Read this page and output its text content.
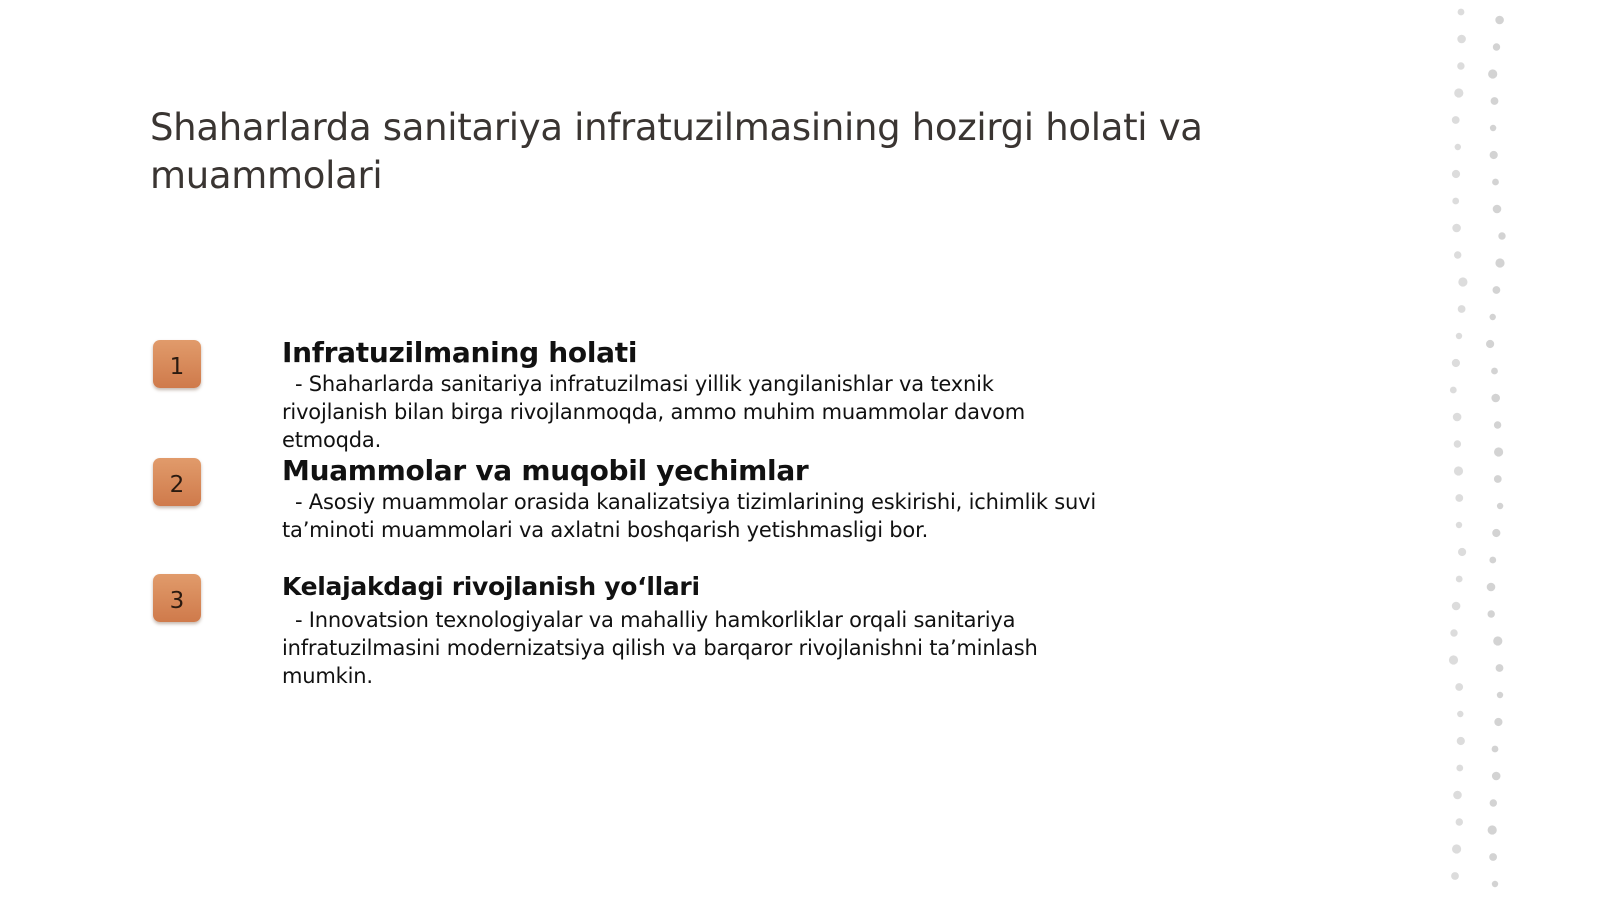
Shaharlarda sanitariya infratuzilmasining hozirgi holati va muammolari
1	Infratuzilmaning holati

- Shaharlarda sanitariya infratuzilmasi yillik yangilanishlar va texnik rivojlanish bilan birga rivojlanmoqda, ammo muhim muammolar davom etmoqda.

2	Muammolar va muqobil yechimlar

- Asosiy muammolar orasida kanalizatsiya tizimlarining eskirishi, ichimlik suvi ta’minoti muammolari va axlatni boshqarish yetishmasligi bor.

3	Kelajakdagi rivojlanish yo‘llari

- Innovatsion texnologiyalar va mahalliy hamkorliklar orqali sanitariya infratuzilmasini modernizatsiya qilish va barqaror rivojlanishni ta’minlash mumkin.
